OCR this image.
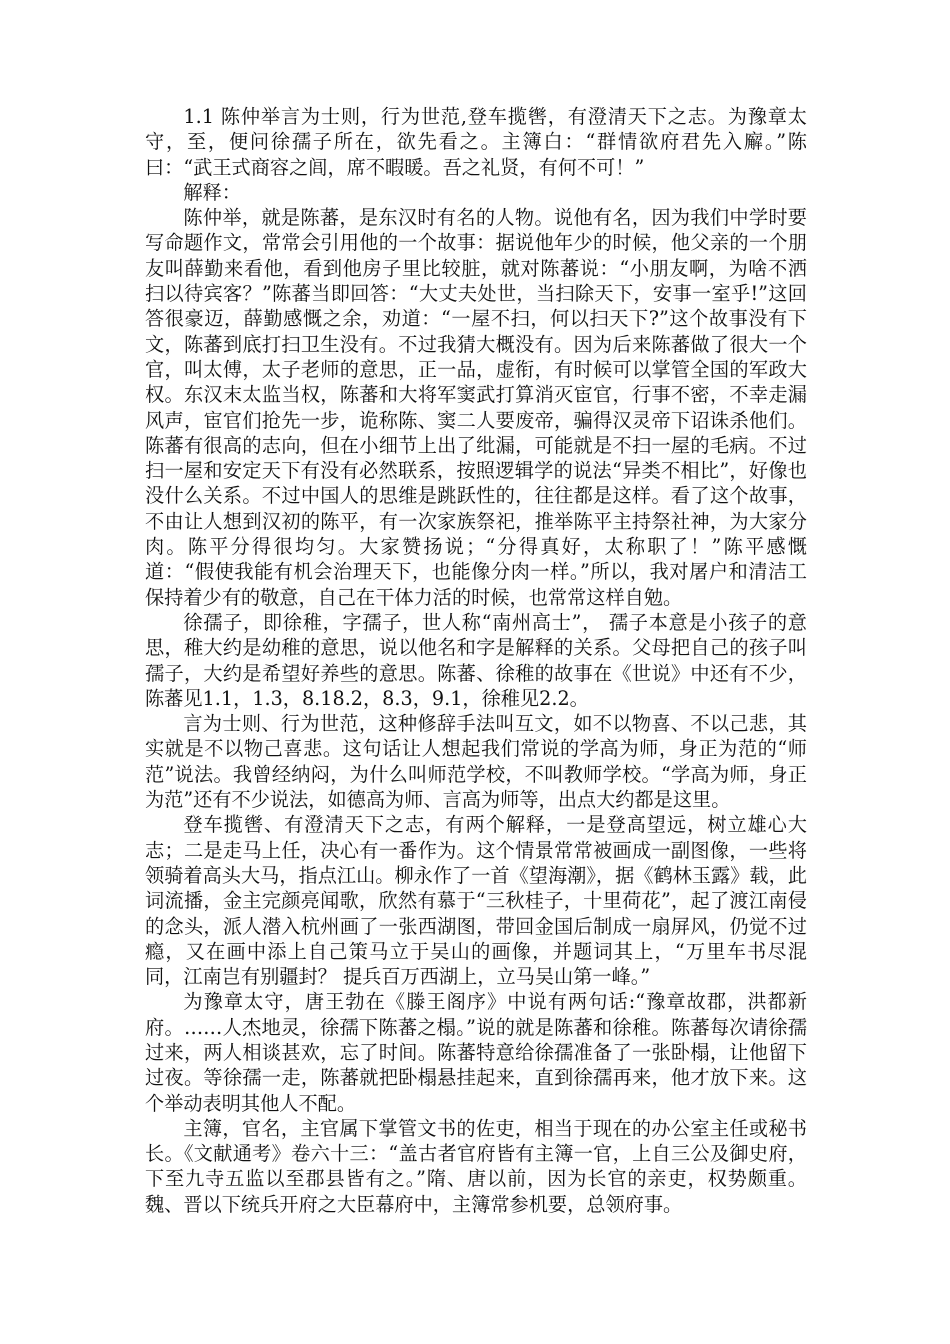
1.1 陈仲举言为士则，行为世范,登车揽辔，有澄清天下之志。为豫章太守，至，便问徐孺子所在，欲先看之。主簿白：“群情欲府君先入廨。”陈曰：“武王式商容之闾，席不暇暖。吾之礼贤，有何不可！”

解释：

陈仲举，就是陈蕃，是东汉时有名的人物。说他有名，因为我们中学时要写命题作文，常常会引用他的一个故事：据说他年少的时候，他父亲的一个朋友叫薛勤来看他，看到他房子里比较脏，就对陈蕃说：“小朋友啊，为啥不洒扫以待宾客？”陈蕃当即回答：“大丈夫处世，当扫除天下，安事一室乎!”这回答很豪迈，薛勤感慨之余，劝道：“一屋不扫，何以扫天下?”这个故事没有下文，陈蕃到底打扫卫生没有。不过我猜大概没有。因为后来陈蕃做了很大一个官，叫太傅，太子老师的意思，正一品，虚衔，有时候可以掌管全国的军政大权。东汉末太监当权，陈蕃和大将军窦武打算消灭宦官，行事不密，不幸走漏风声，宦官们抢先一步，诡称陈、窦二人要废帝，骗得汉灵帝下诏诛杀他们。陈蕃有很高的志向，但在小细节上出了纰漏，可能就是不扫一屋的毛病。不过扫一屋和安定天下有没有必然联系，按照逻辑学的说法“异类不相比”，好像也没什么关系。不过中国人的思维是跳跃性的，往往都是这样。看了这个故事，不由让人想到汉初的陈平，有一次家族祭祀，推举陈平主持祭社神，为大家分肉。陈平分得很均匀。大家赞扬说；“分得真好，太称职了！”陈平感慨道：“假使我能有机会治理天下，也能像分肉一样。”所以，我对屠户和清洁工保持着少有的敬意，自己在干体力活的时候，也常常这样自勉。

徐孺子，即徐稚，字孺子，世人称“南州高士”， 孺子本意是小孩子的意思，稚大约是幼稚的意思，说以他名和字是解释的关系。父母把自己的孩子叫孺子，大约是希望好养些的意思。陈蕃、徐稚的故事在《世说》中还有不少，陈蕃见1.1，1.3，8.18.2，8.3，9.1，徐稚见2.2。

言为士则、行为世范，这种修辞手法叫互文，如不以物喜、不以己悲，其实就是不以物己喜悲。这句话让人想起我们常说的学高为师，身正为范的“师范”说法。我曾经纳闷，为什么叫师范学校，不叫教师学校。“学高为师，身正为范”还有不少说法，如德高为师、言高为师等，出点大约都是这里。

登车揽辔、有澄清天下之志，有两个解释，一是登高望远，树立雄心大志；二是走马上任，决心有一番作为。这个情景常常被画成一副图像，一些将领骑着高头大马，指点江山。柳永作了一首《望海潮》，据《鹤林玉露》载，此词流播，金主完颜亮闻歌，欣然有慕于“三秋桂子，十里荷花”，起了渡江南侵的念头，派人潜入杭州画了一张西湖图，带回金国后制成一扇屏风，仍觉不过瘾，又在画中添上自己策马立于吴山的画像，并题词其上，“万里车书尽混同，江南岂有别疆封？ 提兵百万西湖上，立马吴山第一峰。”

为豫章太守，唐王勃在《滕王阁序》中说有两句话:“豫章故郡，洪都新府。……人杰地灵，徐孺下陈蕃之榻。”说的就是陈蕃和徐稚。陈蕃每次请徐孺过来，两人相谈甚欢，忘了时间。陈蕃特意给徐孺准备了一张卧榻，让他留下过夜。等徐孺一走，陈蕃就把卧榻悬挂起来，直到徐孺再来，他才放下来。这个举动表明其他人不配。

主簿，官名，主官属下掌管文书的佐吏，相当于现在的办公室主任或秘书长。《文献通考》卷六十三：“盖古者官府皆有主簿一官，上自三公及御史府，下至九寺五监以至郡县皆有之。”隋、唐以前，因为长官的亲吏，权势颇重。魏、晋以下统兵开府之大臣幕府中，主簿常参机要，总领府事。
